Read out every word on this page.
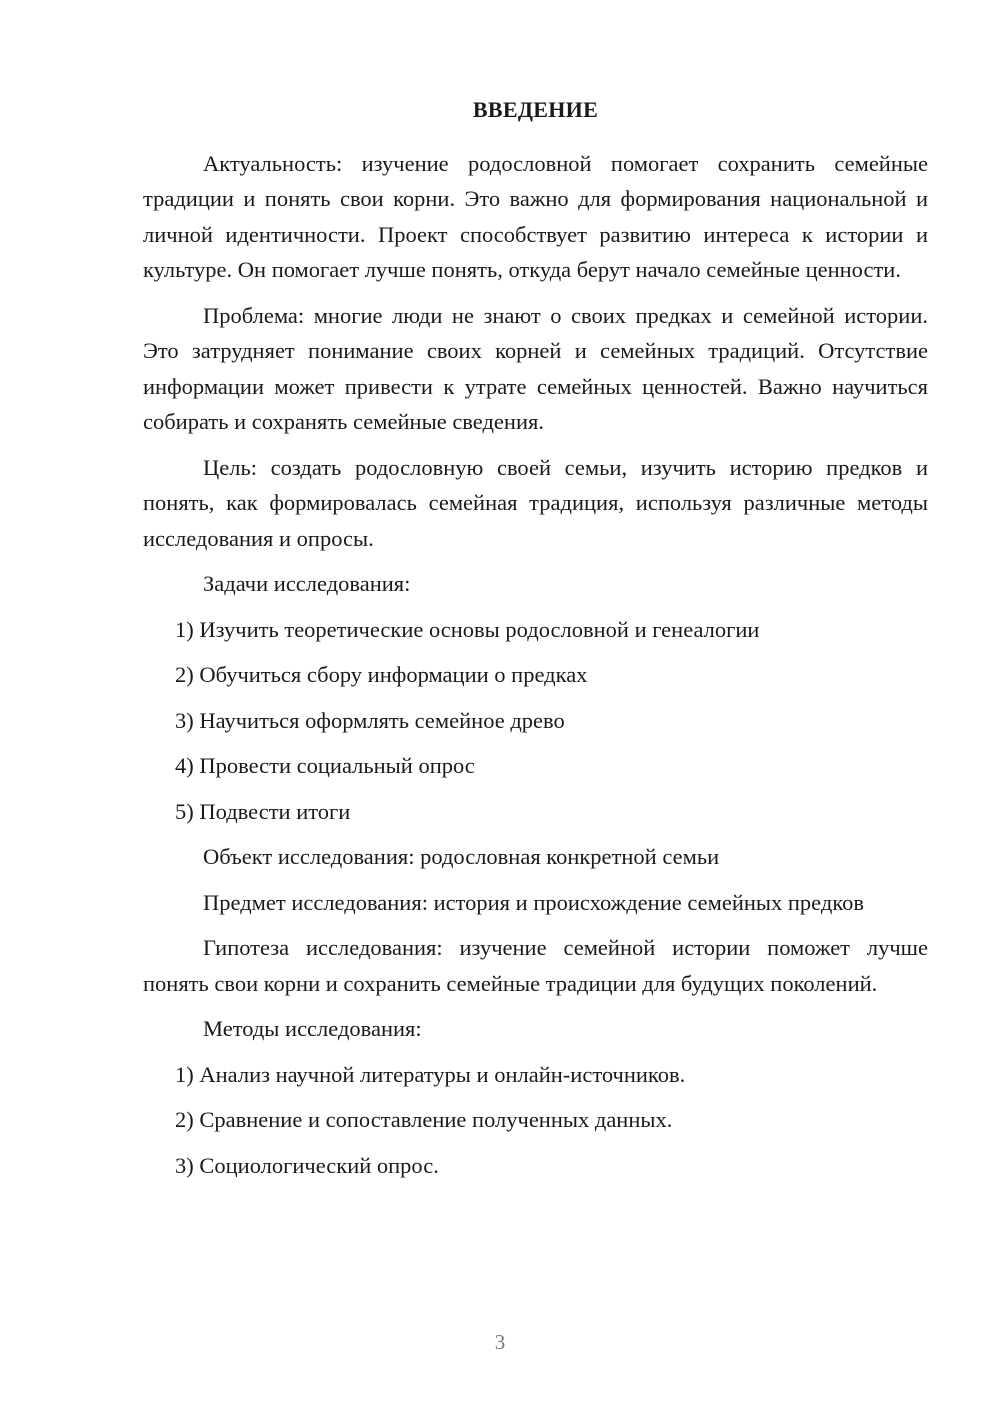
ВВЕДЕНИЕ

Актуальность: изучение родословной помогает сохранить семейные традиции и понять свои корни. Это важно для формирования национальной и личной идентичности. Проект способствует развитию интереса к истории и культуре. Он помогает лучше понять, откуда берут начало семейные ценности.

Проблема: многие люди не знают о своих предках и семейной истории. Это затрудняет понимание своих корней и семейных традиций. Отсутствие информации может привести к утрате семейных ценностей. Важно научиться собирать и сохранять семейные сведения.

Цель: создать родословную своей семьи, изучить историю предков и понять, как формировалась семейная традиция, используя различные методы исследования и опросы.

Задачи исследования:

1) Изучить теоретические основы родословной и генеалогии
2) Обучиться сбору информации о предках
3) Научиться оформлять семейное древо
4) Провести социальный опрос
5) Подвести итоги

Объект исследования: родословная конкретной семьи

Предмет исследования: история и происхождение семейных предков

Гипотеза исследования: изучение семейной истории поможет лучше понять свои корни и сохранить семейные традиции для будущих поколений.

Методы исследования:

1) Анализ научной литературы и онлайн-источников.
2) Сравнение и сопоставление полученных данных.
3) Социологический опрос.
3
